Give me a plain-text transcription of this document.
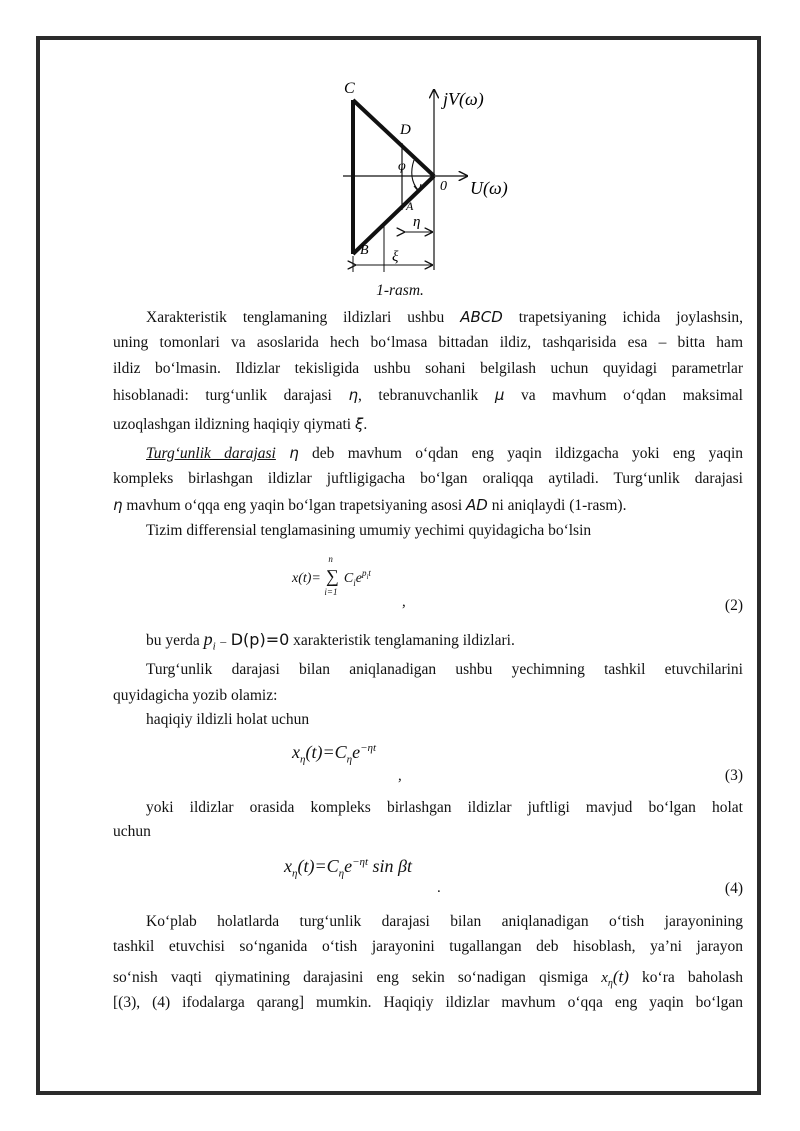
C
D
φ
0
A
η
B ξ
jV(ω)
U(ω)
1-rasm.
Xarakteristik tenglamaning ildizlari ushbu ABCD trapetsiyaning ichida joylashsin,
uning tomonlari va asoslarida hech bo‘lmasa bittadan ildiz, tashqarisida esa – bitta ham
ildiz bo‘lmasin. Ildizlar tekisligida ushbu sohani belgilash uchun quyidagi parametrlar
hisoblanadi: turg‘unlik darajasi η, tebranuvchanlik μ va mavhum o‘qdan maksimal
uzoqlashgan ildizning haqiqiy qiymati ξ.
Turg‘unlik darajasi η deb mavhum o‘qdan eng yaqin ildizgacha yoki eng yaqin
kompleks birlashgan ildizlar juftligigacha bo‘lgan oraliqqa aytiladi. Turg‘unlik darajasi
η mavhum o‘qqa eng yaqin bo‘lgan trapetsiyaning asosi AD ni aniqlaydi (1-rasm).
Tizim differensial tenglamasining umumiy yechimi quyidagicha bo‘lsin
x(t)=
n
∑
i=1
$C_ie^{p_it}$
,	(2)
bu yerda $p_i - D(p)=0$ xarakteristik tenglamaning ildizlari.
Turg‘unlik darajasi bilan aniqlanadigan ushbu yechimning tashkil etuvchilarini
quyidagicha yozib olamiz:
haqiqiy ildizli holat uchun
$x_\eta(t)=C_\eta e^{-\eta t}$
,	(3)
yoki ildizlar orasida kompleks birlashgan ildizlar juftligi mavjud bo‘lgan holat
uchun
$x_\eta(t)=C_\eta e^{-\eta t}$ sin βt
.	(4)
Ko‘plab holatlarda turg‘unlik darajasi bilan aniqlanadigan o‘tish jarayonining
tashkil etuvchisi so‘nganida o‘tish jarayonini tugallangan deb hisoblash, ya’ni jarayon
so‘nish vaqti qiymatining darajasini eng sekin so‘nadigan qismiga $x_\eta(t)$ ko‘ra baholash
[(3), (4) ifodalarga qarang] mumkin. Haqiqiy ildizlar mavhum o‘qqa eng yaqin bo‘lgan
